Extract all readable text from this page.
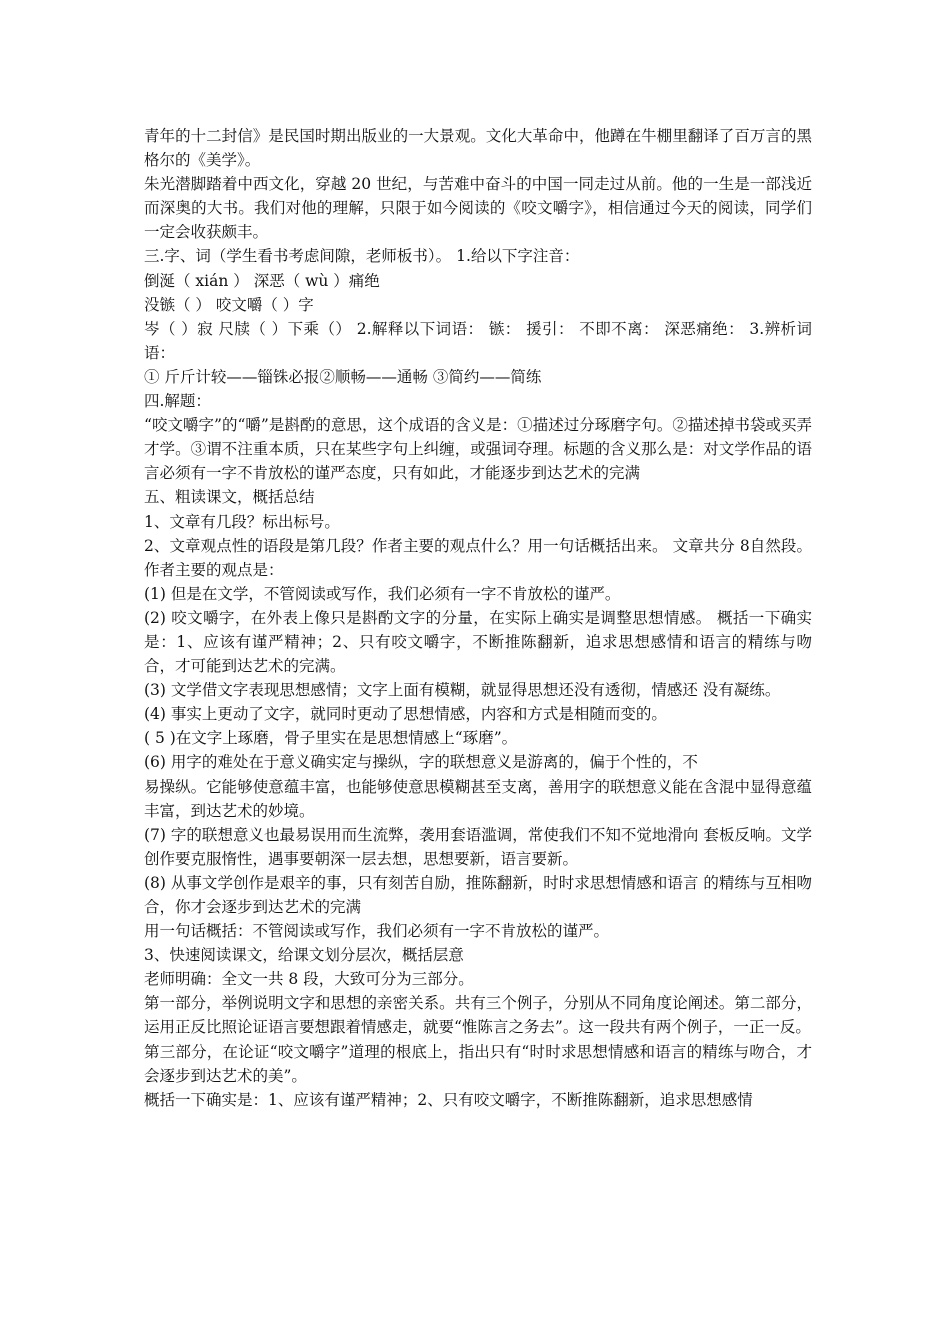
青年的十二封信》是民国时期出版业的一大景观。文化大革命中，他蹲在牛棚里翻译了百万言的黑格尔的《美学》。

朱光潜脚踏着中西文化，穿越 20 世纪，与苦难中奋斗的中国一同走过从前。他的一生是一部浅近而深奥的大书。我们对他的理解，只限于如今阅读的《咬文嚼字》，相信通过今天的阅读，同学们一定会收获颇丰。

三.字、词（学生看书考虑间隙，老师板书）。 1.给以下字注音：

倒涎（ xián ） 深恶（ wù ）痛绝

没镞（ ） 咬文嚼（ ）字

岑（ ）寂 尺牍（ ）下乘（） 2.解释以下词语： 镞： 援引： 不即不离： 深恶痛绝： 3.辨析词语：

① 斤斤计较——锱铢必报②顺畅——通畅 ③简约——简练

四.解题：

“咬文嚼字”的“嚼”是斟酌的意思，这个成语的含义是：①描述过分琢磨字句。②描述掉书袋或买弄才学。③谓不注重本质，只在某些字句上纠缠，或强词夺理。标题的含义那么是：对文学作品的语言必须有一字不肯放松的谨严态度，只有如此，才能逐步到达艺术的完满

五、粗读课文，概括总结

1、文章有几段？标出标号。

2、文章观点性的语段是第几段？作者主要的观点什么？用一句话概括出来。 文章共分 8自然段。 作者主要的观点是：

(1) 但是在文学，不管阅读或写作，我们必须有一字不肯放松的谨严。

(2) 咬文嚼字，在外表上像只是斟酌文字的分量，在实际上确实是调整思想情感。 概括一下确实是：1、应该有谨严精神；2、只有咬文嚼字，不断推陈翻新，追求思想感情和语言的精练与吻合，才可能到达艺术的完满。

(3) 文学借文字表现思想感情；文字上面有模糊，就显得思想还没有透彻，情感还 没有凝练。

(4) 事实上更动了文字，就同时更动了思想情感，内容和方式是相随而变的。

( 5 )在文字上琢磨，骨子里实在是思想情感上“琢磨”。

(6) 用字的难处在于意义确实定与操纵，字的联想意义是游离的，偏于个性的，不

易操纵。它能够使意蕴丰富，也能够使意思模糊甚至支离，善用字的联想意义能在含混中显得意蕴丰富，到达艺术的妙境。

(7) 字的联想意义也最易误用而生流弊，袭用套语滥调，常使我们不知不觉地滑向 套板反响。文学创作要克服惰性，遇事要朝深一层去想，思想要新，语言要新。

(8) 从事文学创作是艰辛的事，只有刻苦自励，推陈翻新，时时求思想情感和语言 的精练与互相吻合，你才会逐步到达艺术的完满

用一句话概括：不管阅读或写作，我们必须有一字不肯放松的谨严。

3、快速阅读课文，给课文划分层次，概括层意

老师明确：全文一共 8 段，大致可分为三部分。

第一部分，举例说明文字和思想的亲密关系。共有三个例子，分别从不同角度论阐述。第二部分，运用正反比照论证语言要想跟着情感走，就要“惟陈言之务去”。这一段共有两个例子，一正一反。

第三部分，在论证“咬文嚼字”道理的根底上，指出只有“时时求思想情感和语言的精练与吻合，才会逐步到达艺术的美”。

概括一下确实是：1、应该有谨严精神；2、只有咬文嚼字，不断推陈翻新，追求思想感情
